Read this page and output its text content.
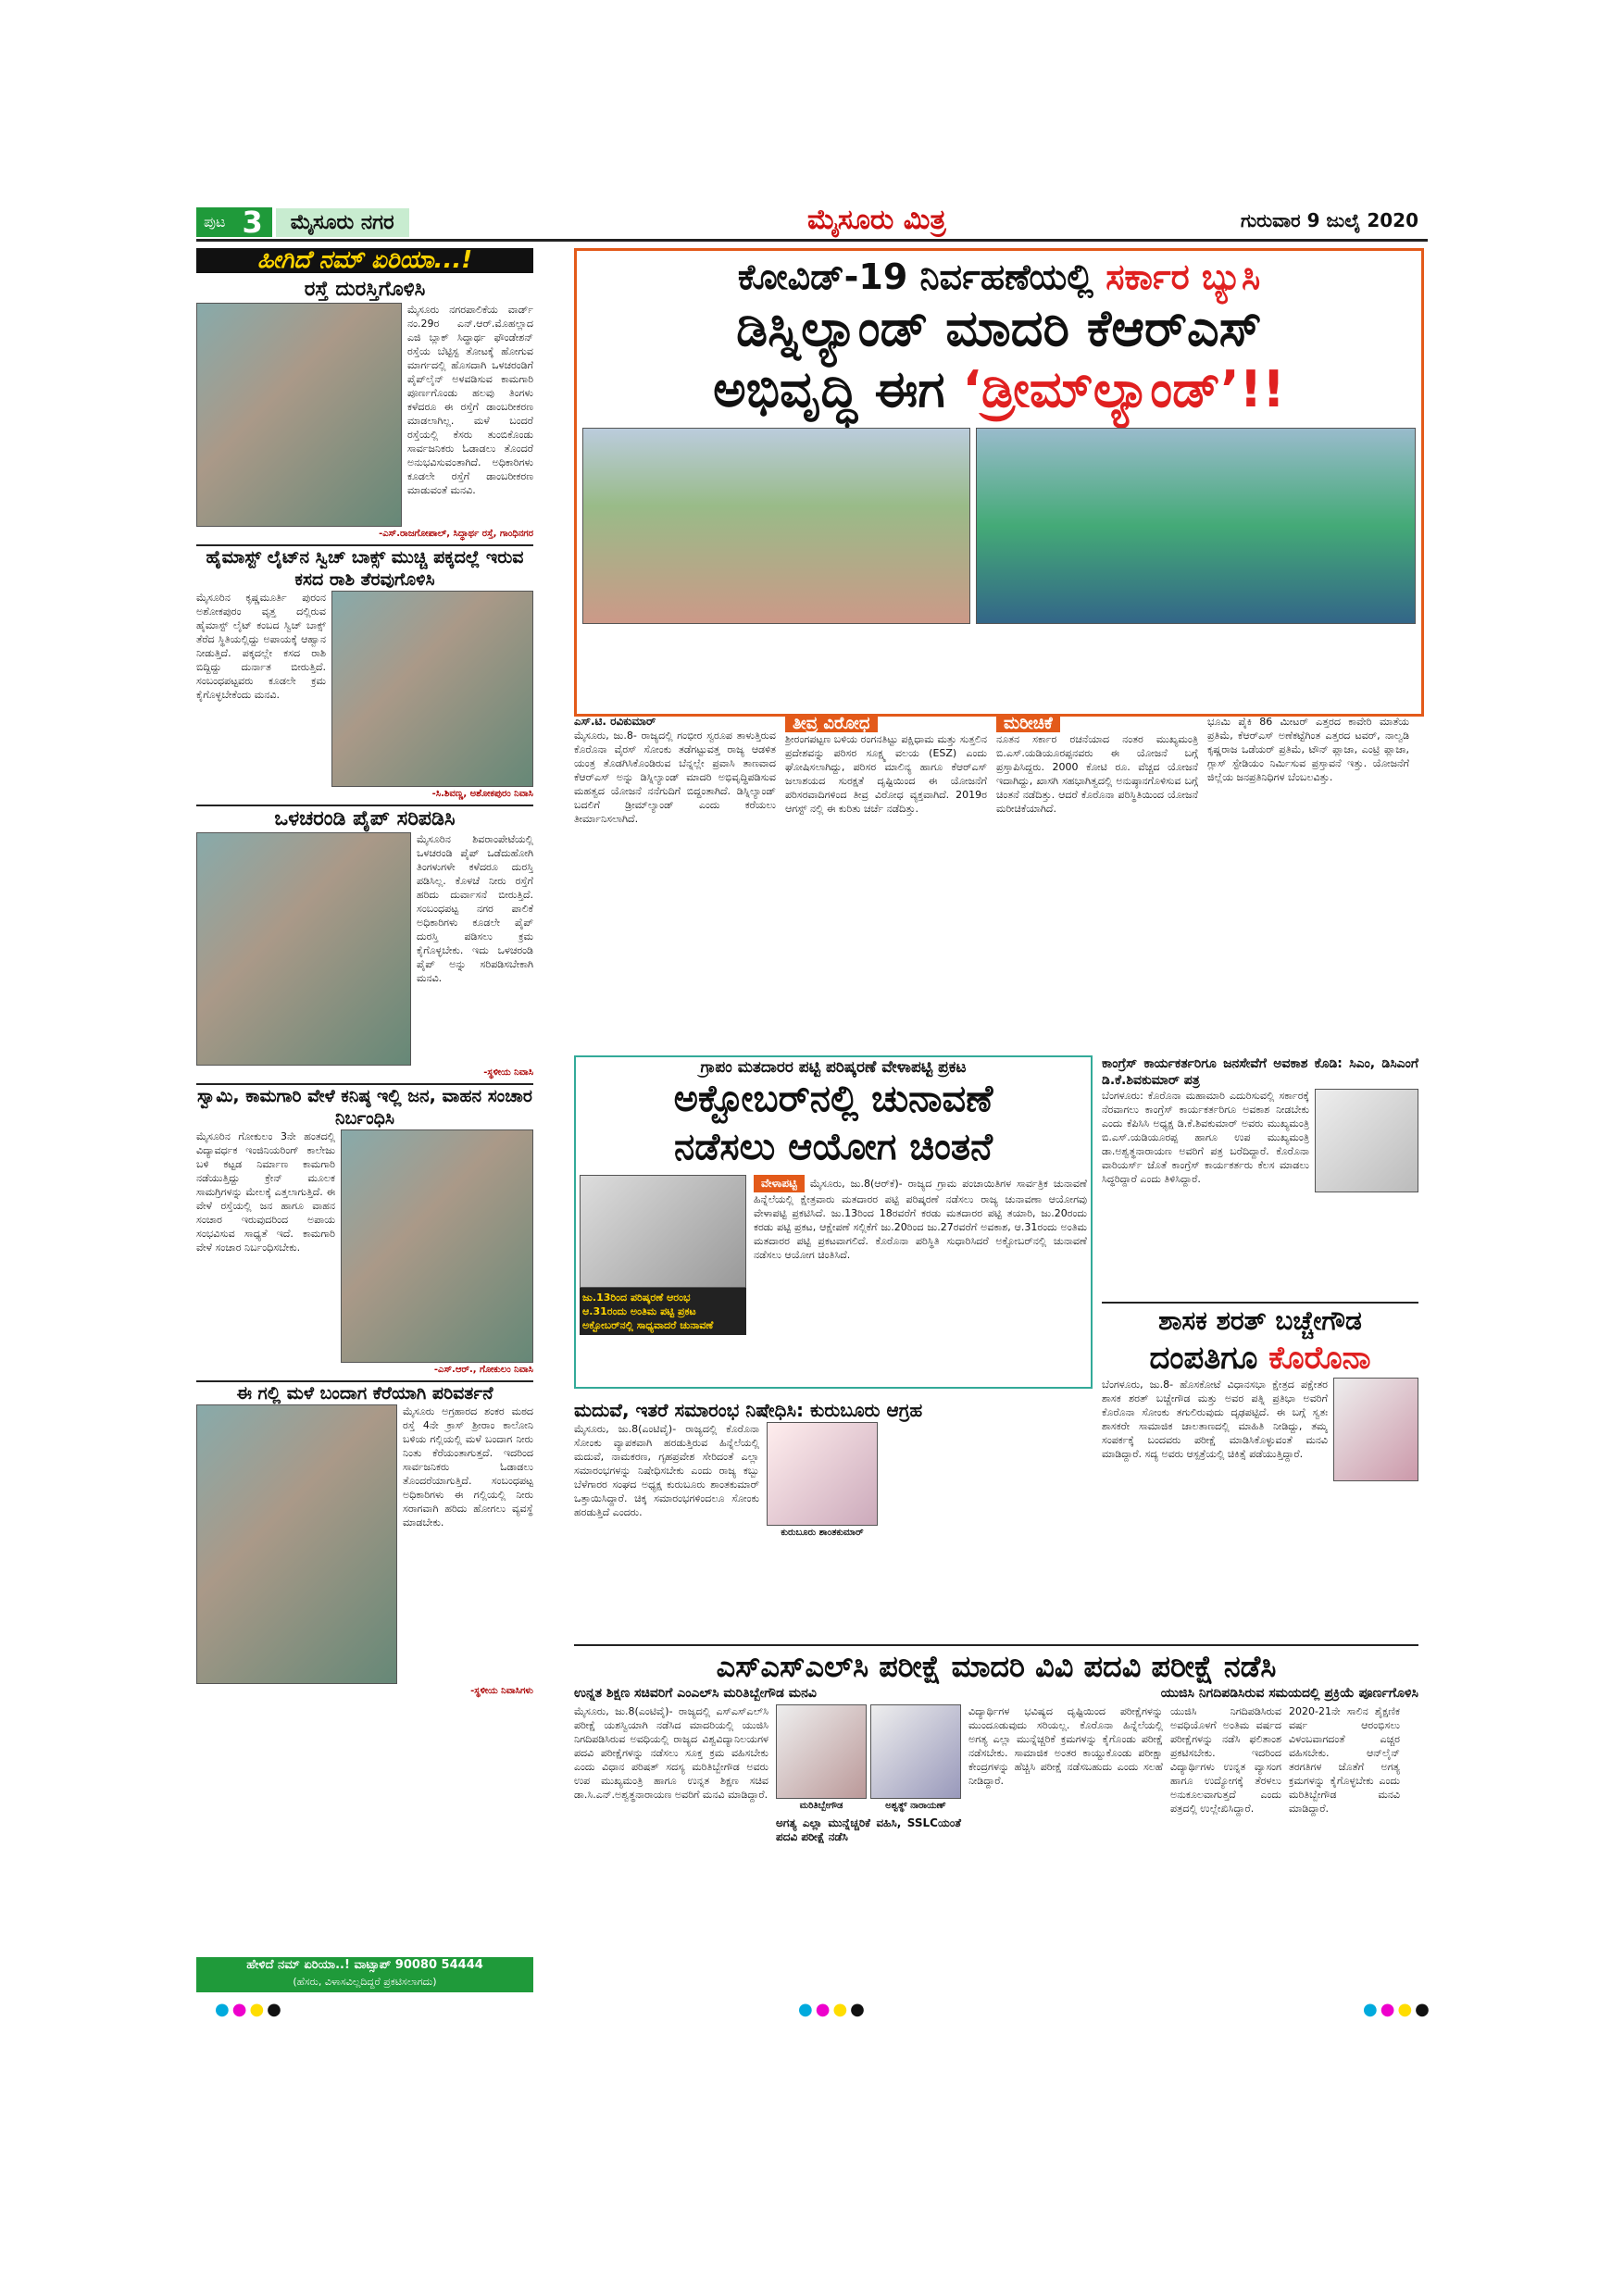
ಪುಟ 3	ಮೈಸೂರು ನಗರ	ಮೈಸೂರು ಮಿತ್ರ	ಗುರುವಾರ 9 ಜುಲೈ 2020
ಹೀಗಿದೆ ನಮ್ ಏರಿಯಾ...!
ರಸ್ತೆ ದುರಸ್ತಿಗೊಳಿಸಿ
ಮೈಸೂರು ನಗರಪಾಲಿಕೆಯ ವಾರ್ಡ್ ನಂ.29ರ ಎನ್.ಆರ್.ಮೊಹಲ್ಲಾದ ಎಜಿ ಬ್ಲಾಕ್ ಸಿದ್ಧಾರ್ಥ ಫೌಂಡೇಶನ್ ರಸ್ತೆಯ ಬೆಟ್ಟಿಸ್ಟ ತೋಟಕ್ಕೆ ಹೋಗುವ ಮಾರ್ಗದಲ್ಲಿ ಹೊಸದಾಗಿ ಒಳಚರಂಡಿಗೆ ಪೈಪ್‌ಲೈನ್ ಅಳವಡಿಸುವ ಕಾಮಗಾರಿ ಪೂರ್ಣಗೊಂಡು ಹಲವು ತಿಂಗಳು ಕಳೆದರೂ ಈ ರಸ್ತೆಗೆ ಡಾಂಬರೀಕರಣ ಮಾಡಲಾಗಿಲ್ಲ. ಮಳೆ ಬಂದರೆ ರಸ್ತೆಯಲ್ಲಿ ಕೆಸರು ತುಂಬಿಕೊಂಡು ಸಾರ್ವಜನಿಕರು ಓಡಾಡಲು ತೊಂದರೆ ಅನುಭವಿಸುವಂತಾಗಿದೆ. ಅಧಿಕಾರಿಗಳು ಕೂಡಲೇ ರಸ್ತೆಗೆ ಡಾಂಬರೀಕರಣ ಮಾಡುವಂತೆ ಮನವಿ.
-ಎಸ್.ರಾಜಗೋಪಾಲ್, ಸಿದ್ಧಾರ್ಥ ರಸ್ತೆ, ಗಾಂಧಿನಗರ
ಹೈಮಾಸ್ಟ್ ಲೈಟ್‌ನ ಸ್ವಿಚ್ ಬಾಕ್ಸ್ ಮುಚ್ಚಿ ಪಕ್ಕದಲ್ಲೆ ಇರುವ ಕಸದ ರಾಶಿ ತೆರವುಗೊಳಿಸಿ
ಮೈಸೂರಿನ ಕೃಷ್ಣಮೂರ್ತಿ ಪುರಂನ ಅಶೋಕಪುರಂ ವೃತ್ತ ದಲ್ಲಿರುವ ಹೈಮಾಸ್ಟ್ ಲೈಟ್ ಕಂಬದ ಸ್ವಿಚ್ ಬಾಕ್ಸ್ ತೆರೆದ ಸ್ಥಿತಿಯಲ್ಲಿದ್ದು ಅಪಾಯಕ್ಕೆ ಆಹ್ವಾನ ನೀಡುತ್ತಿದೆ. ಪಕ್ಕದಲ್ಲೇ ಕಸದ ರಾಶಿ ಬಿದ್ದಿದ್ದು ದುರ್ನಾತ ಬೀರುತ್ತಿದೆ. ಸಂಬಂಧಪಟ್ಟವರು ಕೂಡಲೇ ಕ್ರಮ ಕೈಗೊಳ್ಳಬೇಕೆಂದು ಮನವಿ.
-ಸಿ.ಶಿವಣ್ಣ, ಅಶೋಕಪುರಂ ನಿವಾಸಿ
ಒಳಚರಂಡಿ ಪೈಪ್ ಸರಿಪಡಿಸಿ
ಮೈಸೂರಿನ ಶಿವರಾಂಪೇಟೆಯಲ್ಲಿ ಒಳಚರಂಡಿ ಪೈಪ್ ಒಡೆದುಹೋಗಿ ತಿಂಗಳುಗಳೇ ಕಳೆದರೂ ದುರಸ್ತಿ ಪಡಿಸಿಲ್ಲ. ಕೊಳಚೆ ನೀರು ರಸ್ತೆಗೆ ಹರಿದು ದುರ್ವಾಸನೆ ಬೀರುತ್ತಿದೆ. ಸಂಬಂಧಪಟ್ಟ ನಗರ ಪಾಲಿಕೆ ಅಧಿಕಾರಿಗಳು ಕೂಡಲೇ ಪೈಪ್ ದುರಸ್ತಿ ಪಡಿಸಲು ಕ್ರಮ ಕೈಗೊಳ್ಳಬೇಕು. ಇದು ಒಳಚರಂಡಿ ಪೈಪ್ ಅನ್ನು ಸರಿಪಡಿಸಬೇಕಾಗಿ ಮನವಿ.
-ಸ್ಥಳೀಯ ನಿವಾಸಿ
ಸ್ವಾಮಿ, ಕಾಮಗಾರಿ ವೇಳೆ ಕನಿಷ್ಠ ಇಲ್ಲಿ ಜನ, ವಾಹನ ಸಂಚಾರ ನಿರ್ಬಂಧಿಸಿ
ಮೈಸೂರಿನ ಗೋಕುಲಂ 3ನೇ ಹಂತದಲ್ಲಿ ವಿದ್ಯಾವರ್ಧಕ ಇಂಜಿನಿಯರಿಂಗ್ ಕಾಲೇಜು ಬಳಿ ಕಟ್ಟಡ ನಿರ್ಮಾಣ ಕಾಮಗಾರಿ ನಡೆಯುತ್ತಿದ್ದು ಕ್ರೇನ್ ಮೂಲಕ ಸಾಮಗ್ರಿಗಳನ್ನು ಮೇಲಕ್ಕೆ ಎತ್ತಲಾಗುತ್ತಿದೆ. ಈ ವೇಳೆ ರಸ್ತೆಯಲ್ಲಿ ಜನ ಹಾಗೂ ವಾಹನ ಸಂಚಾರ ಇರುವುದರಿಂದ ಅಪಾಯ ಸಂಭವಿಸುವ ಸಾಧ್ಯತೆ ಇದೆ. ಕಾಮಗಾರಿ ವೇಳೆ ಸಂಚಾರ ನಿರ್ಬಂಧಿಸಬೇಕು.
-ಎಸ್.ಆರ್., ಗೋಕುಲಂ ನಿವಾಸಿ
ಈ ಗಲ್ಲಿ ಮಳೆ ಬಂದಾಗ ಕೆರೆಯಾಗಿ ಪರಿವರ್ತನೆ
ಮೈಸೂರು ಅಗ್ರಹಾರದ ಶಂಕರ ಮಠದ ರಸ್ತೆ 4ನೇ ಕ್ರಾಸ್ ಶ್ರೀರಾಂ ಕಾಲೋನಿ ಬಳಿಯ ಗಲ್ಲಿಯಲ್ಲಿ ಮಳೆ ಬಂದಾಗ ನೀರು ನಿಂತು ಕೆರೆಯಂತಾಗುತ್ತದೆ. ಇದರಿಂದ ಸಾರ್ವಜನಿಕರು ಓಡಾಡಲು ತೊಂದರೆಯಾಗುತ್ತಿದೆ. ಸಂಬಂಧಪಟ್ಟ ಅಧಿಕಾರಿಗಳು ಈ ಗಲ್ಲಿಯಲ್ಲಿ ನೀರು ಸರಾಗವಾಗಿ ಹರಿದು ಹೋಗಲು ವ್ಯವಸ್ಥೆ ಮಾಡಬೇಕು.
-ಸ್ಥಳೀಯ ನಿವಾಸಿಗಳು
ಹೇಳಿದೆ ನಮ್ ಏರಿಯಾ..! ವಾಟ್ಸಾಪ್ 90080 54444
(ಹೆಸರು, ವಿಳಾಸವಿಲ್ಲದಿದ್ದರೆ ಪ್ರಕಟಿಸಲಾಗದು)
ಕೋವಿಡ್-19 ನಿರ್ವಹಣೆಯಲ್ಲಿ ಸರ್ಕಾರ ಬ್ಯುಸಿ
ಡಿಸ್ನಿಲ್ಯಾಂಡ್ ಮಾದರಿ ಕೆಆರ್‌ಎಸ್
ಅಭಿವೃದ್ಧಿ ಈಗ ‘ಡ್ರೀಮ್‌ಲ್ಯಾಂಡ್’!!
ಎಸ್.ಟಿ. ರವಿಕುಮಾರ್
ಮೈಸೂರು, ಜು.8- ರಾಜ್ಯದಲ್ಲಿ ಗಂಭೀರ ಸ್ವರೂಪ ತಾಳುತ್ತಿರುವ ಕೊರೊನಾ ವೈರಸ್ ಸೋಂಕು ತಡೆಗಟ್ಟುವತ್ತ ರಾಜ್ಯ ಆಡಳಿತ ಯಂತ್ರ ತೊಡಗಿಸಿಕೊಂಡಿರುವ ಬೆನ್ನಲ್ಲೇ ಪ್ರವಾಸಿ ತಾಣವಾದ ಕೆಆರ್‌ಎಸ್ ಅನ್ನು ಡಿಸ್ನಿಲ್ಯಾಂಡ್ ಮಾದರಿ ಅಭಿವೃದ್ಧಿಪಡಿಸುವ ಮಹತ್ವದ ಯೋಜನೆ ನನೆಗುದಿಗೆ ಬಿದ್ದಂತಾಗಿದೆ. ಡಿಸ್ನಿಲ್ಯಾಂಡ್ ಬದಲಿಗೆ ಡ್ರೀಮ್‌ಲ್ಯಾಂಡ್ ಎಂದು ಕರೆಯಲು ತೀರ್ಮಾನಿಸಲಾಗಿದೆ.
ತೀವ್ರ ವಿರೋಧ
ಶ್ರೀರಂಗಪಟ್ಟಣ ಬಳಿಯ ರಂಗನತಿಟ್ಟು ಪಕ್ಷಿಧಾಮ ಮತ್ತು ಸುತ್ತಲಿನ ಪ್ರದೇಶವನ್ನು ಪರಿಸರ ಸೂಕ್ಷ್ಮ ವಲಯ (ESZ) ಎಂದು ಘೋಷಿಸಲಾಗಿದ್ದು, ಪರಿಸರ ಮಾಲಿನ್ಯ ಹಾಗೂ ಕೆಆರ್‌ಎಸ್ ಜಲಾಶಯದ ಸುರಕ್ಷತೆ ದೃಷ್ಟಿಯಿಂದ ಈ ಯೋಜನೆಗೆ ಪರಿಸರವಾದಿಗಳಿಂದ ತೀವ್ರ ವಿರೋಧ ವ್ಯಕ್ತವಾಗಿದೆ. 2019ರ ಆಗಸ್ಟ್ ನಲ್ಲಿ ಈ ಕುರಿತು ಚರ್ಚೆ ನಡೆದಿತ್ತು.
ಮರೀಚಿಕೆ
ನೂತನ ಸರ್ಕಾರ ರಚನೆಯಾದ ನಂತರ ಮುಖ್ಯಮಂತ್ರಿ ಬಿ.ಎಸ್.ಯಡಿಯೂರಪ್ಪನವರು ಈ ಯೋಜನೆ ಬಗ್ಗೆ ಪ್ರಸ್ತಾಪಿಸಿದ್ದರು. 2000 ಕೋಟಿ ರೂ. ವೆಚ್ಚದ ಯೋಜನೆ ಇದಾಗಿದ್ದು, ಖಾಸಗಿ ಸಹಭಾಗಿತ್ವದಲ್ಲಿ ಅನುಷ್ಠಾನಗೊಳಿಸುವ ಬಗ್ಗೆ ಚಿಂತನೆ ನಡೆದಿತ್ತು. ಆದರೆ ಕೊರೊನಾ ಪರಿಸ್ಥಿತಿಯಿಂದ ಯೋಜನೆ ಮರೀಚಿಕೆಯಾಗಿದೆ.
ಭೂಮಿ ಪೈಕಿ 86 ಮೀಟರ್ ಎತ್ತರದ ಕಾವೇರಿ ಮಾತೆಯ ಪ್ರತಿಮೆ, ಕೆಆರ್‌ಎಸ್ ಅಣೆಕಟ್ಟೆಗಿಂತ ಎತ್ತರದ ಟವರ್, ನಾಲ್ವಡಿ ಕೃಷ್ಣರಾಜ ಒಡೆಯರ್ ಪ್ರತಿಮೆ, ಟೌನ್ ಪ್ಲಾಜಾ, ಎಂಟ್ರಿ ಪ್ಲಾಜಾ, ಗ್ಲಾಸ್ ಸ್ಟೇಡಿಯಂ ನಿರ್ಮಿಸುವ ಪ್ರಸ್ತಾವನೆ ಇತ್ತು. ಯೋಜನೆಗೆ ಜಿಲ್ಲೆಯ ಜನಪ್ರತಿನಿಧಿಗಳ ಬೆಂಬಲವಿತ್ತು.
ಗ್ರಾಪಂ ಮತದಾರರ ಪಟ್ಟಿ ಪರಿಷ್ಕರಣೆ ವೇಳಾಪಟ್ಟಿ ಪ್ರಕಟ
ಅಕ್ಟೋಬರ್‌ನಲ್ಲಿ ಚುನಾವಣೆ
ನಡೆಸಲು ಆಯೋಗ ಚಿಂತನೆ
ಜು.13ರಿಂದ ಪರಿಷ್ಕರಣೆ ಆರಂಭ
ಆ.31ರಂದು ಅಂತಿಮ ಪಟ್ಟಿ ಪ್ರಕಟ
ಅಕ್ಟೋಬರ್‌ನಲ್ಲಿ ಸಾಧ್ಯವಾದರೆ ಚುನಾವಣೆ
ವೇಳಾಪಟ್ಟಿ ಮೈಸೂರು, ಜು.8(ಆರ್‌ಕೆ)- ರಾಜ್ಯದ ಗ್ರಾಮ ಪಂಚಾಯಿತಿಗಳ ಸಾರ್ವತ್ರಿಕ ಚುನಾವಣೆ ಹಿನ್ನೆಲೆಯಲ್ಲಿ ಕ್ಷೇತ್ರವಾರು ಮತದಾರರ ಪಟ್ಟಿ ಪರಿಷ್ಕರಣೆ ನಡೆಸಲು ರಾಜ್ಯ ಚುನಾವಣಾ ಆಯೋಗವು ವೇಳಾಪಟ್ಟಿ ಪ್ರಕಟಿಸಿದೆ. ಜು.13ರಿಂದ 18ರವರೆಗೆ ಕರಡು ಮತದಾರರ ಪಟ್ಟಿ ತಯಾರಿ, ಜು.20ರಂದು ಕರಡು ಪಟ್ಟಿ ಪ್ರಕಟ, ಆಕ್ಷೇಪಣೆ ಸಲ್ಲಿಕೆಗೆ ಜು.20ರಿಂದ ಜು.27ರವರೆಗೆ ಅವಕಾಶ, ಆ.31ರಂದು ಅಂತಿಮ ಮತದಾರರ ಪಟ್ಟಿ ಪ್ರಕಟವಾಗಲಿದೆ. ಕೊರೊನಾ ಪರಿಸ್ಥಿತಿ ಸುಧಾರಿಸಿದರೆ ಅಕ್ಟೋಬರ್‌ನಲ್ಲಿ ಚುನಾವಣೆ ನಡೆಸಲು ಆಯೋಗ ಚಿಂತಿಸಿದೆ.
ಕಾಂಗ್ರೆಸ್ ಕಾರ್ಯಕರ್ತರಿಗೂ ಜನಸೇವೆಗೆ ಅವಕಾಶ ಕೊಡಿ: ಸಿಎಂ, ಡಿಸಿಎಂಗೆ ಡಿ.ಕೆ.ಶಿವಕುಮಾರ್ ಪತ್ರ
ಬೆಂಗಳೂರು: ಕೊರೊನಾ ಮಹಾಮಾರಿ ಎದುರಿಸುವಲ್ಲಿ ಸರ್ಕಾರಕ್ಕೆ ನೆರವಾಗಲು ಕಾಂಗ್ರೆಸ್ ಕಾರ್ಯಕರ್ತರಿಗೂ ಅವಕಾಶ ನೀಡಬೇಕು ಎಂದು ಕೆಪಿಸಿಸಿ ಅಧ್ಯಕ್ಷ ಡಿ.ಕೆ.ಶಿವಕುಮಾರ್ ಅವರು ಮುಖ್ಯಮಂತ್ರಿ ಬಿ.ಎಸ್.ಯಡಿಯೂರಪ್ಪ ಹಾಗೂ ಉಪ ಮುಖ್ಯಮಂತ್ರಿ ಡಾ.ಅಶ್ವತ್ಥನಾರಾಯಣ ಅವರಿಗೆ ಪತ್ರ ಬರೆದಿದ್ದಾರೆ. ಕೊರೊನಾ ವಾರಿಯರ್ಸ್ ಜೊತೆ ಕಾಂಗ್ರೆಸ್ ಕಾರ್ಯಕರ್ತರು ಕೆಲಸ ಮಾಡಲು ಸಿದ್ಧರಿದ್ದಾರೆ ಎಂದು ತಿಳಿಸಿದ್ದಾರೆ.
ಶಾಸಕ ಶರತ್ ಬಚ್ಚೇಗೌಡ
ದಂಪತಿಗೂ ಕೊರೊನಾ
ಬೆಂಗಳೂರು, ಜು.8- ಹೊಸಕೋಟೆ ವಿಧಾನಸಭಾ ಕ್ಷೇತ್ರದ ಪಕ್ಷೇತರ ಶಾಸಕ ಶರತ್ ಬಚ್ಚೇಗೌಡ ಮತ್ತು ಅವರ ಪತ್ನಿ ಪ್ರತಿಭಾ ಅವರಿಗೆ ಕೊರೊನಾ ಸೋಂಕು ತಗುಲಿರುವುದು ದೃಢಪಟ್ಟಿದೆ. ಈ ಬಗ್ಗೆ ಸ್ವತಃ ಶಾಸಕರೇ ಸಾಮಾಜಿಕ ಜಾಲತಾಣದಲ್ಲಿ ಮಾಹಿತಿ ನೀಡಿದ್ದು, ತಮ್ಮ ಸಂಪರ್ಕಕ್ಕೆ ಬಂದವರು ಪರೀಕ್ಷೆ ಮಾಡಿಸಿಕೊಳ್ಳುವಂತೆ ಮನವಿ ಮಾಡಿದ್ದಾರೆ. ಸದ್ಯ ಅವರು ಆಸ್ಪತ್ರೆಯಲ್ಲಿ ಚಿಕಿತ್ಸೆ ಪಡೆಯುತ್ತಿದ್ದಾರೆ.
ಮದುವೆ, ಇತರೆ ಸಮಾರಂಭ ನಿಷೇಧಿಸಿ: ಕುರುಬೂರು ಆಗ್ರಹ
ಮೈಸೂರು, ಜು.8(ಎಂಟಿವೈ)- ರಾಜ್ಯದಲ್ಲಿ ಕೊರೊನಾ ಸೋಂಕು ವ್ಯಾಪಕವಾಗಿ ಹರಡುತ್ತಿರುವ ಹಿನ್ನೆಲೆಯಲ್ಲಿ ಮದುವೆ, ನಾಮಕರಣ, ಗೃಹಪ್ರವೇಶ ಸೇರಿದಂತೆ ಎಲ್ಲಾ ಸಮಾರಂಭಗಳನ್ನು ನಿಷೇಧಿಸಬೇಕು ಎಂದು ರಾಜ್ಯ ಕಬ್ಬು ಬೆಳೆಗಾರರ ಸಂಘದ ಅಧ್ಯಕ್ಷ ಕುರುಬೂರು ಶಾಂತಕುಮಾರ್ ಒತ್ತಾಯಿಸಿದ್ದಾರೆ. ಚಿಕ್ಕ ಸಮಾರಂಭಗಳಿಂದಲೂ ಸೋಂಕು ಹರಡುತ್ತಿದೆ ಎಂದರು.
ಕುರುಬೂರು ಶಾಂತಕುಮಾರ್
ಎಸ್‌ಎಸ್‌ಎಲ್‌ಸಿ ಪರೀಕ್ಷೆ ಮಾದರಿ ವಿವಿ ಪದವಿ ಪರೀಕ್ಷೆ ನಡೆಸಿ
ಉನ್ನತ ಶಿಕ್ಷಣ ಸಚಿವರಿಗೆ ಎಂಎಲ್‌ಸಿ ಮರಿತಿಬ್ಬೇಗೌಡ ಮನವಿ	ಯುಜಿಸಿ ನಿಗದಿಪಡಿಸಿರುವ ಸಮಯದಲ್ಲಿ ಪ್ರಕ್ರಿಯೆ ಪೂರ್ಣಗೊಳಿಸಿ
ಮೈಸೂರು, ಜು.8(ಎಂಟಿವೈ)- ರಾಜ್ಯದಲ್ಲಿ ಎಸ್‌ಎಸ್‌ಎಲ್‌ಸಿ ಪರೀಕ್ಷೆ ಯಶಸ್ವಿಯಾಗಿ ನಡೆಸಿದ ಮಾದರಿಯಲ್ಲಿ ಯುಜಿಸಿ ನಿಗದಿಪಡಿಸಿರುವ ಅವಧಿಯಲ್ಲಿ ರಾಜ್ಯದ ವಿಶ್ವವಿದ್ಯಾನಿಲಯಗಳ ಪದವಿ ಪರೀಕ್ಷೆಗಳನ್ನು ನಡೆಸಲು ಸೂಕ್ತ ಕ್ರಮ ವಹಿಸಬೇಕು ಎಂದು ವಿಧಾನ ಪರಿಷತ್ ಸದಸ್ಯ ಮರಿತಿಬ್ಬೇಗೌಡ ಅವರು ಉಪ ಮುಖ್ಯಮಂತ್ರಿ ಹಾಗೂ ಉನ್ನತ ಶಿಕ್ಷಣ ಸಚಿವ ಡಾ.ಸಿ.ಎನ್.ಅಶ್ವತ್ಥನಾರಾಯಣ ಅವರಿಗೆ ಮನವಿ ಮಾಡಿದ್ದಾರೆ.
ಮರಿತಿಬ್ಬೇಗೌಡ	ಅಶ್ವತ್ಥ್ ನಾರಾಯಣ್
ಅಗತ್ಯ ಎಲ್ಲಾ ಮುನ್ನೆಚ್ಚರಿಕೆ ವಹಿಸಿ, SSLCಯಂತೆ ಪದವಿ ಪರೀಕ್ಷೆ ನಡೆಸಿ
ವಿದ್ಯಾರ್ಥಿಗಳ ಭವಿಷ್ಯದ ದೃಷ್ಟಿಯಿಂದ ಪರೀಕ್ಷೆಗಳನ್ನು ಮುಂದೂಡುವುದು ಸರಿಯಲ್ಲ. ಕೊರೊನಾ ಹಿನ್ನೆಲೆಯಲ್ಲಿ ಅಗತ್ಯ ಎಲ್ಲಾ ಮುನ್ನೆಚ್ಚರಿಕೆ ಕ್ರಮಗಳನ್ನು ಕೈಗೊಂಡು ಪರೀಕ್ಷೆ ನಡೆಸಬೇಕು. ಸಾಮಾಜಿಕ ಅಂತರ ಕಾಯ್ದುಕೊಂಡು ಪರೀಕ್ಷಾ ಕೇಂದ್ರಗಳನ್ನು ಹೆಚ್ಚಿಸಿ ಪರೀಕ್ಷೆ ನಡೆಸಬಹುದು ಎಂದು ಸಲಹೆ ನೀಡಿದ್ದಾರೆ.
ಯುಜಿಸಿ ನಿಗದಿಪಡಿಸಿರುವ ಅವಧಿಯೊಳಗೆ ಅಂತಿಮ ವರ್ಷದ ಪರೀಕ್ಷೆಗಳನ್ನು ನಡೆಸಿ ಫಲಿತಾಂಶ ಪ್ರಕಟಿಸಬೇಕು. ಇದರಿಂದ ವಿದ್ಯಾರ್ಥಿಗಳು ಉನ್ನತ ವ್ಯಾಸಂಗ ಹಾಗೂ ಉದ್ಯೋಗಕ್ಕೆ ತೆರಳಲು ಅನುಕೂಲವಾಗುತ್ತದೆ ಎಂದು ಪತ್ರದಲ್ಲಿ ಉಲ್ಲೇಖಿಸಿದ್ದಾರೆ.
2020-21ನೇ ಸಾಲಿನ ಶೈಕ್ಷಣಿಕ ವರ್ಷ ಆರಂಭಿಸಲು ವಿಳಂಬವಾಗದಂತೆ ಎಚ್ಚರ ವಹಿಸಬೇಕು. ಆನ್‌ಲೈನ್ ತರಗತಿಗಳ ಜೊತೆಗೆ ಅಗತ್ಯ ಕ್ರಮಗಳನ್ನು ಕೈಗೊಳ್ಳಬೇಕು ಎಂದು ಮರಿತಿಬ್ಬೇಗೌಡ ಮನವಿ ಮಾಡಿದ್ದಾರೆ.
●●●●	●●●●	●●●●
